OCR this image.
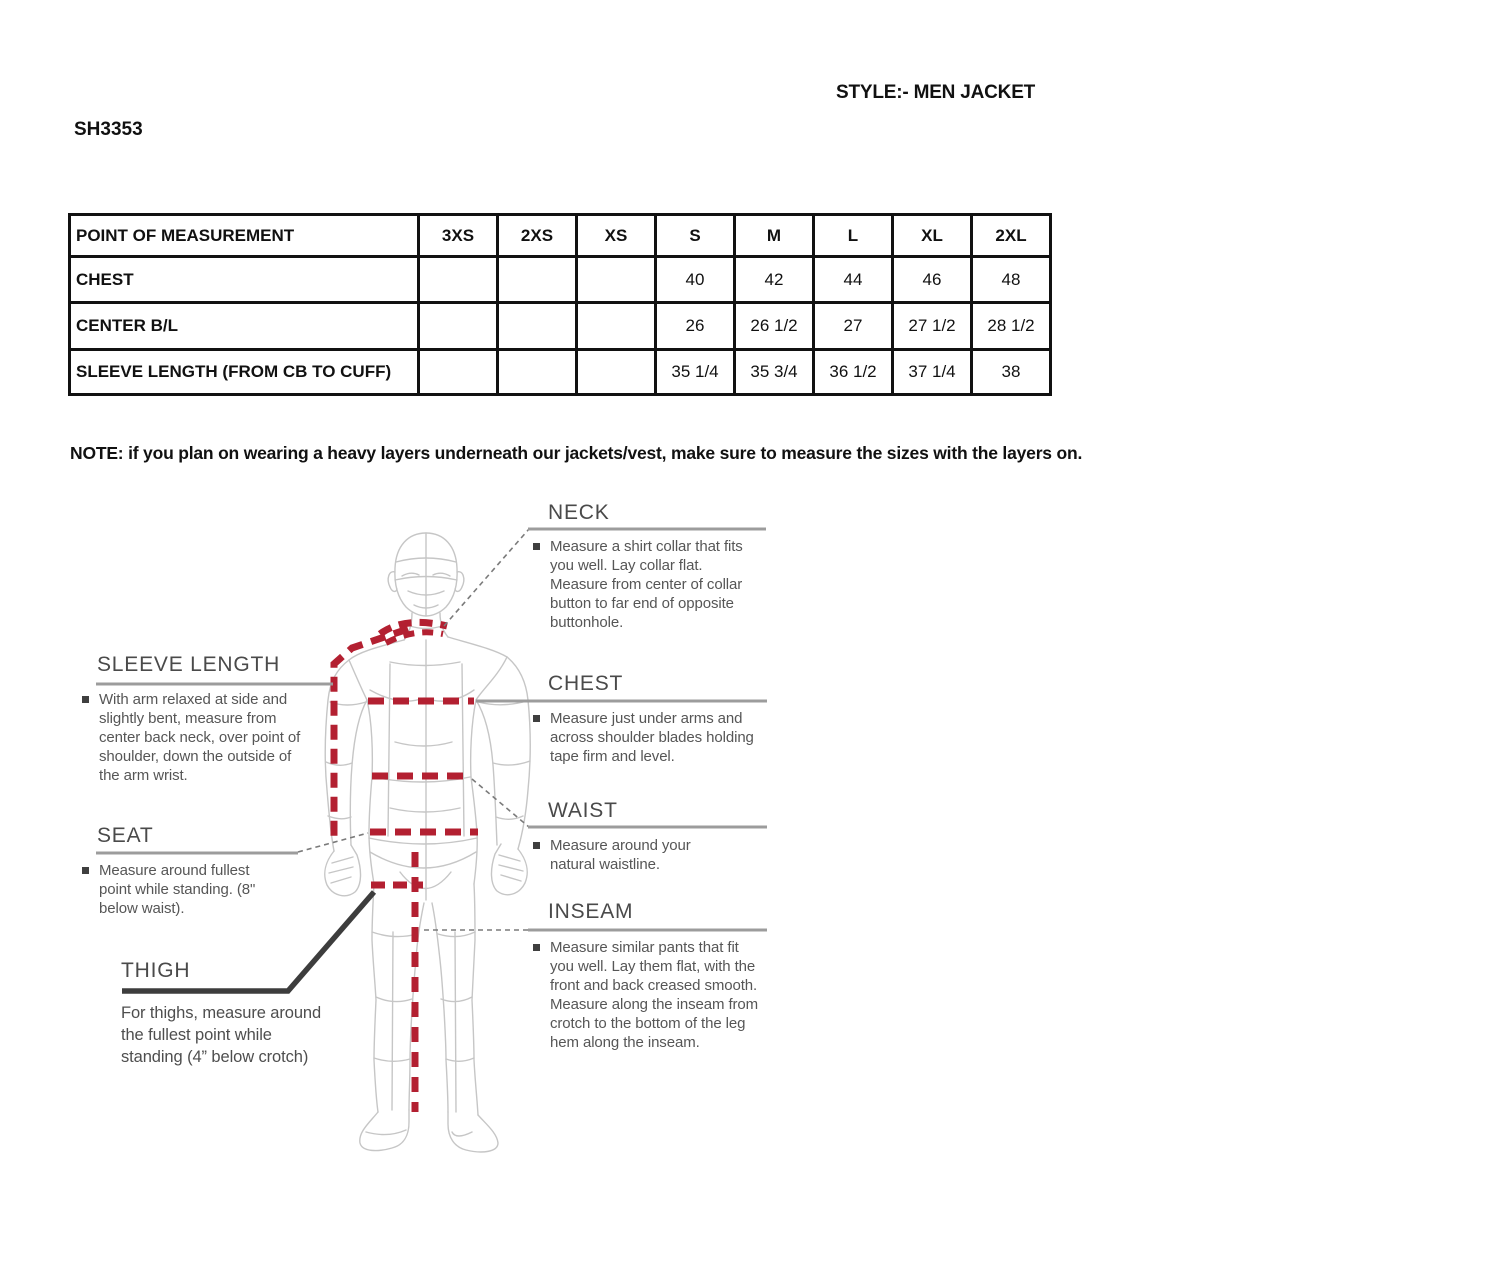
STYLE:- MEN JACKET
SH3353
POINT OF MEASUREMENT	3XS	2XS	XS	S	M	L	XL	2XL
CHEST				40	42	44	46	48
CENTER B/L				26	26 1/2	27	27 1/2	28 1/2
SLEEVE LENGTH (FROM CB TO CUFF)				35 1/4	35 3/4	36 1/2	37 1/4	38
NOTE: if you plan on wearing a heavy layers underneath our jackets/vest, make sure to measure the sizes with the layers on.
NECK
Measure a shirt collar that fits you well. Lay collar flat. Measure from center of collar button to far end of opposite buttonhole.
SLEEVE LENGTH
With arm relaxed at side and slightly bent, measure from center back neck, over point of shoulder, down the outside of the arm wrist.
CHEST
Measure just under arms and across shoulder blades holding tape firm and level.
WAIST
Measure around your natural waistline.
SEAT
Measure around fullest point while standing. (8" below waist).	INSEAM
Measure similar pants that fit you well. Lay them flat, with the front and back creased smooth. Measure along the inseam from crotch to the bottom of the leg hem along the inseam.
THIGH
For thighs, measure around the fullest point while standing (4” below crotch)
